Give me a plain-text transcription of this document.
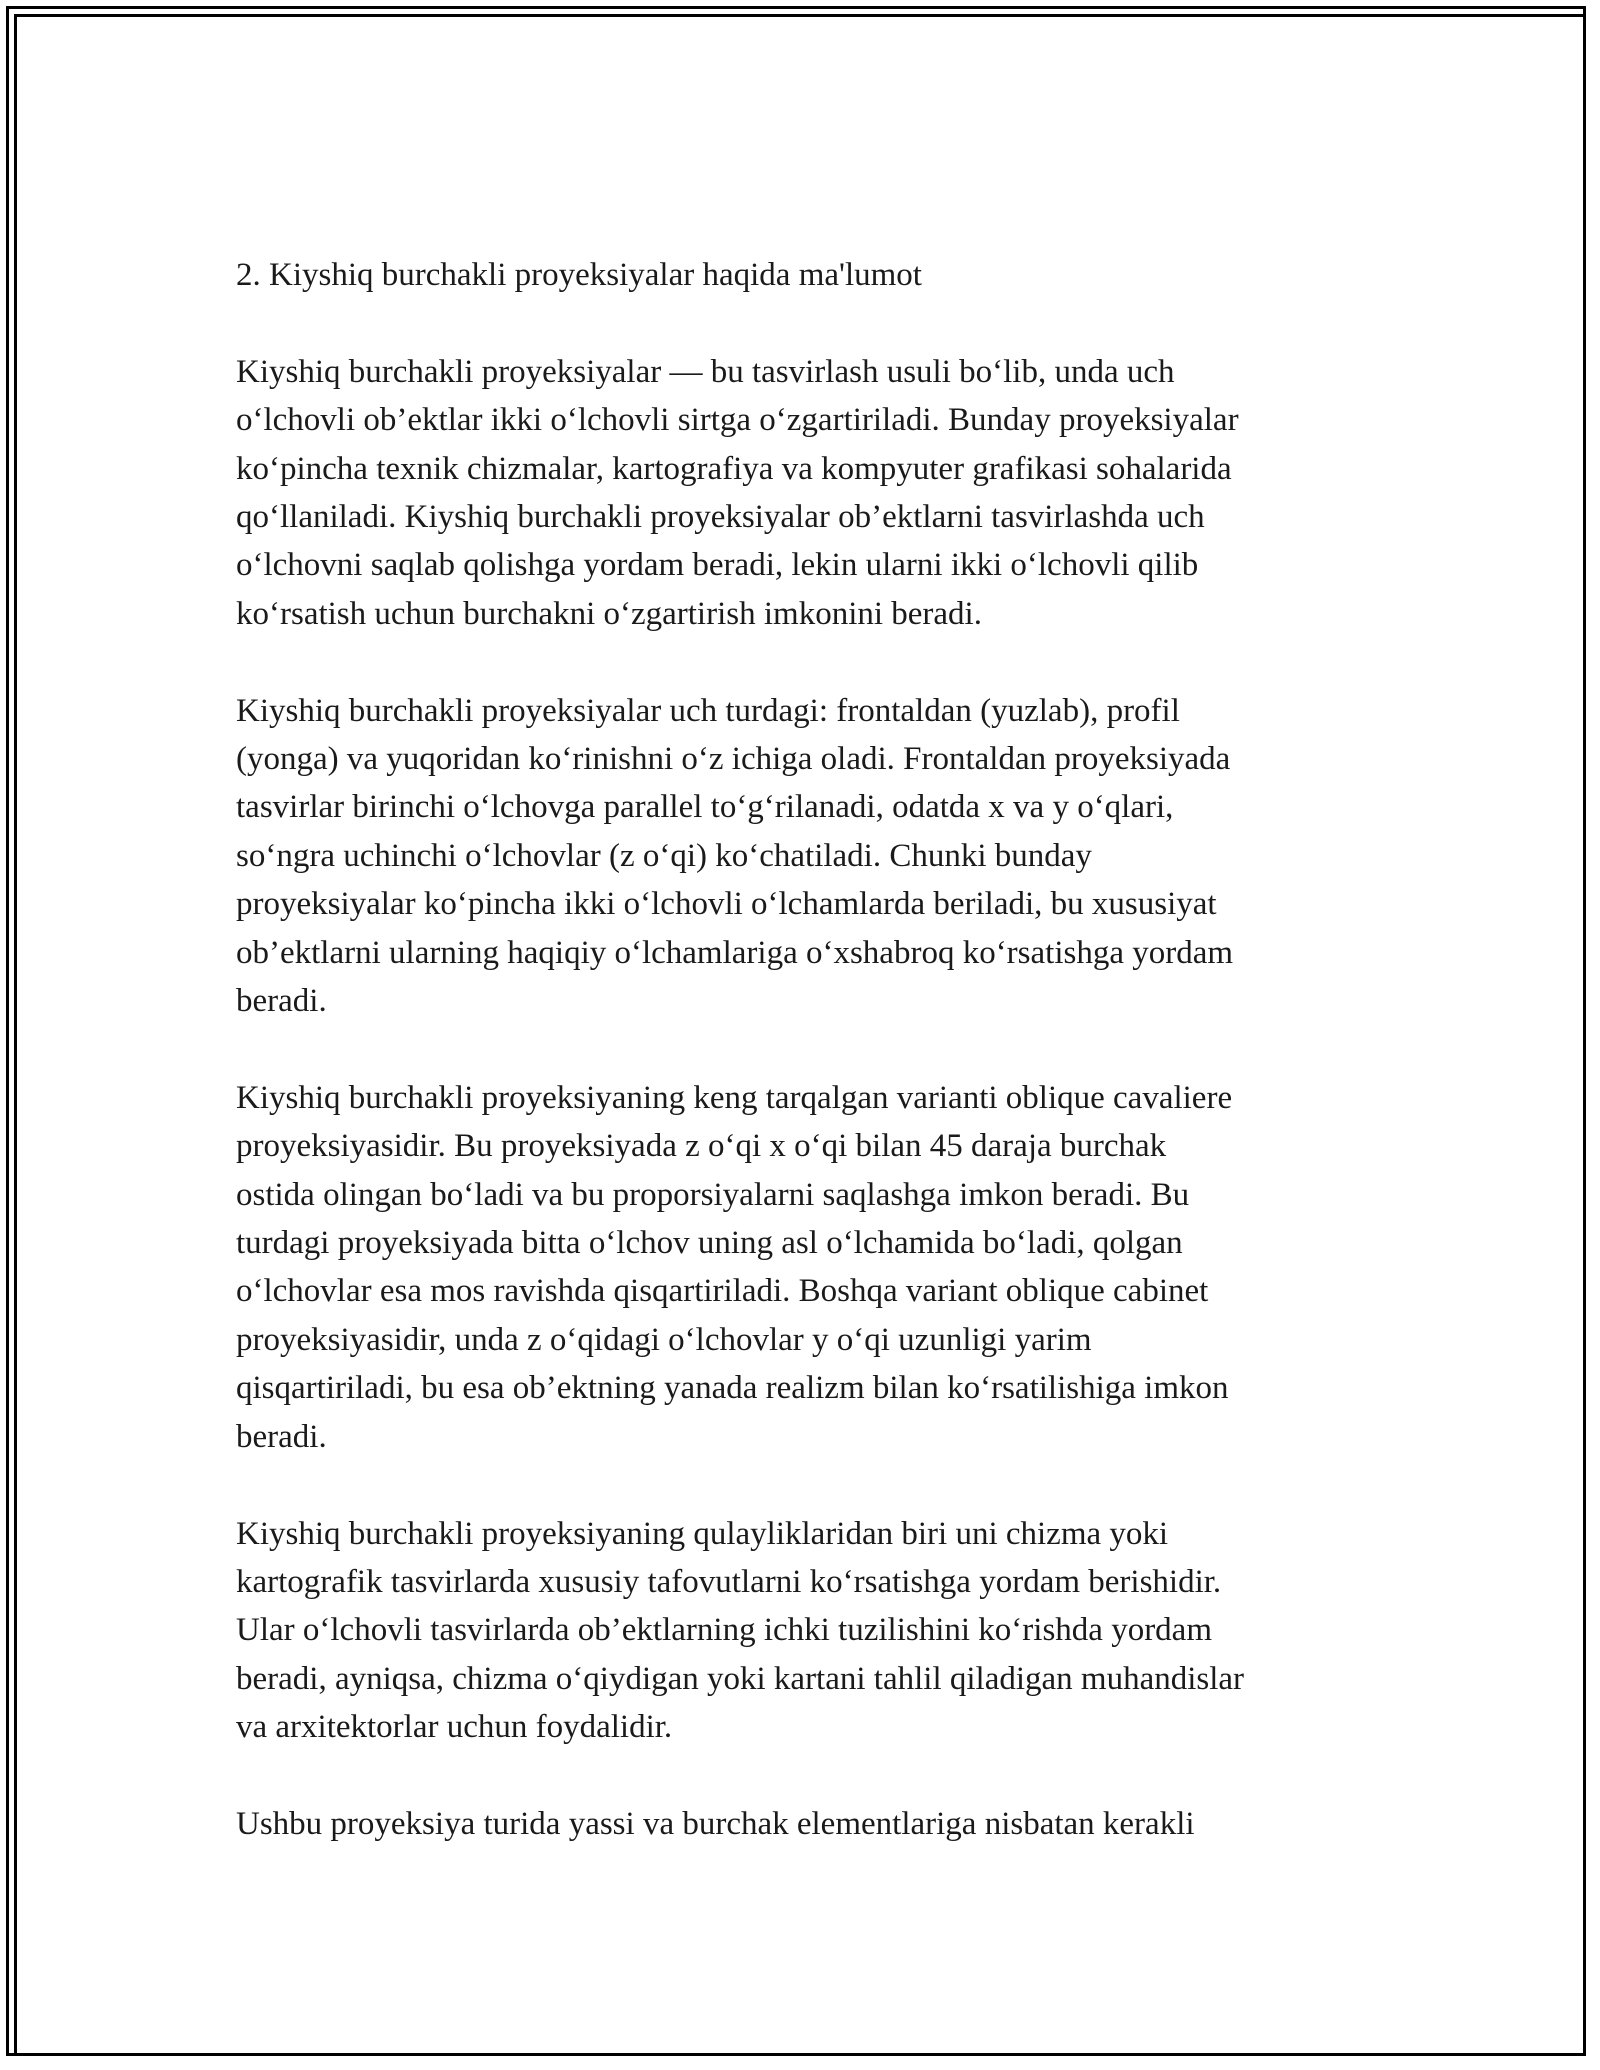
2. Kiyshiq burchakli proyeksiyalar haqida ma'lumot
Kiyshiq burchakli proyeksiyalar — bu tasvirlash usuli bo‘lib, unda uch
o‘lchovli ob’ektlar ikki o‘lchovli sirtga o‘zgartiriladi. Bunday proyeksiyalar
ko‘pincha texnik chizmalar, kartografiya va kompyuter grafikasi sohalarida
qo‘llaniladi. Kiyshiq burchakli proyeksiyalar ob’ektlarni tasvirlashda uch
o‘lchovni saqlab qolishga yordam beradi, lekin ularni ikki o‘lchovli qilib
ko‘rsatish uchun burchakni o‘zgartirish imkonini beradi.
Kiyshiq burchakli proyeksiyalar uch turdagi: frontaldan (yuzlab), profil
(yonga) va yuqoridan ko‘rinishni o‘z ichiga oladi. Frontaldan proyeksiyada
tasvirlar birinchi o‘lchovga parallel to‘g‘rilanadi, odatda x va y o‘qlari,
so‘ngra uchinchi o‘lchovlar (z o‘qi) ko‘chatiladi. Chunki bunday
proyeksiyalar ko‘pincha ikki o‘lchovli o‘lchamlarda beriladi, bu xususiyat
ob’ektlarni ularning haqiqiy o‘lchamlariga o‘xshabroq ko‘rsatishga yordam
beradi.
Kiyshiq burchakli proyeksiyaning keng tarqalgan varianti oblique cavaliere
proyeksiyasidir. Bu proyeksiyada z o‘qi x o‘qi bilan 45 daraja burchak
ostida olingan bo‘ladi va bu proporsiyalarni saqlashga imkon beradi. Bu
turdagi proyeksiyada bitta o‘lchov uning asl o‘lchamida bo‘ladi, qolgan
o‘lchovlar esa mos ravishda qisqartiriladi. Boshqa variant oblique cabinet
proyeksiyasidir, unda z o‘qidagi o‘lchovlar y o‘qi uzunligi yarim
qisqartiriladi, bu esa ob’ektning yanada realizm bilan ko‘rsatilishiga imkon
beradi.
Kiyshiq burchakli proyeksiyaning qulayliklaridan biri uni chizma yoki
kartografik tasvirlarda xususiy tafovutlarni ko‘rsatishga yordam berishidir.
Ular o‘lchovli tasvirlarda ob’ektlarning ichki tuzilishini ko‘rishda yordam
beradi, ayniqsa, chizma o‘qiydigan yoki kartani tahlil qiladigan muhandislar
va arxitektorlar uchun foydalidir.
Ushbu proyeksiya turida yassi va burchak elementlariga nisbatan kerakli
